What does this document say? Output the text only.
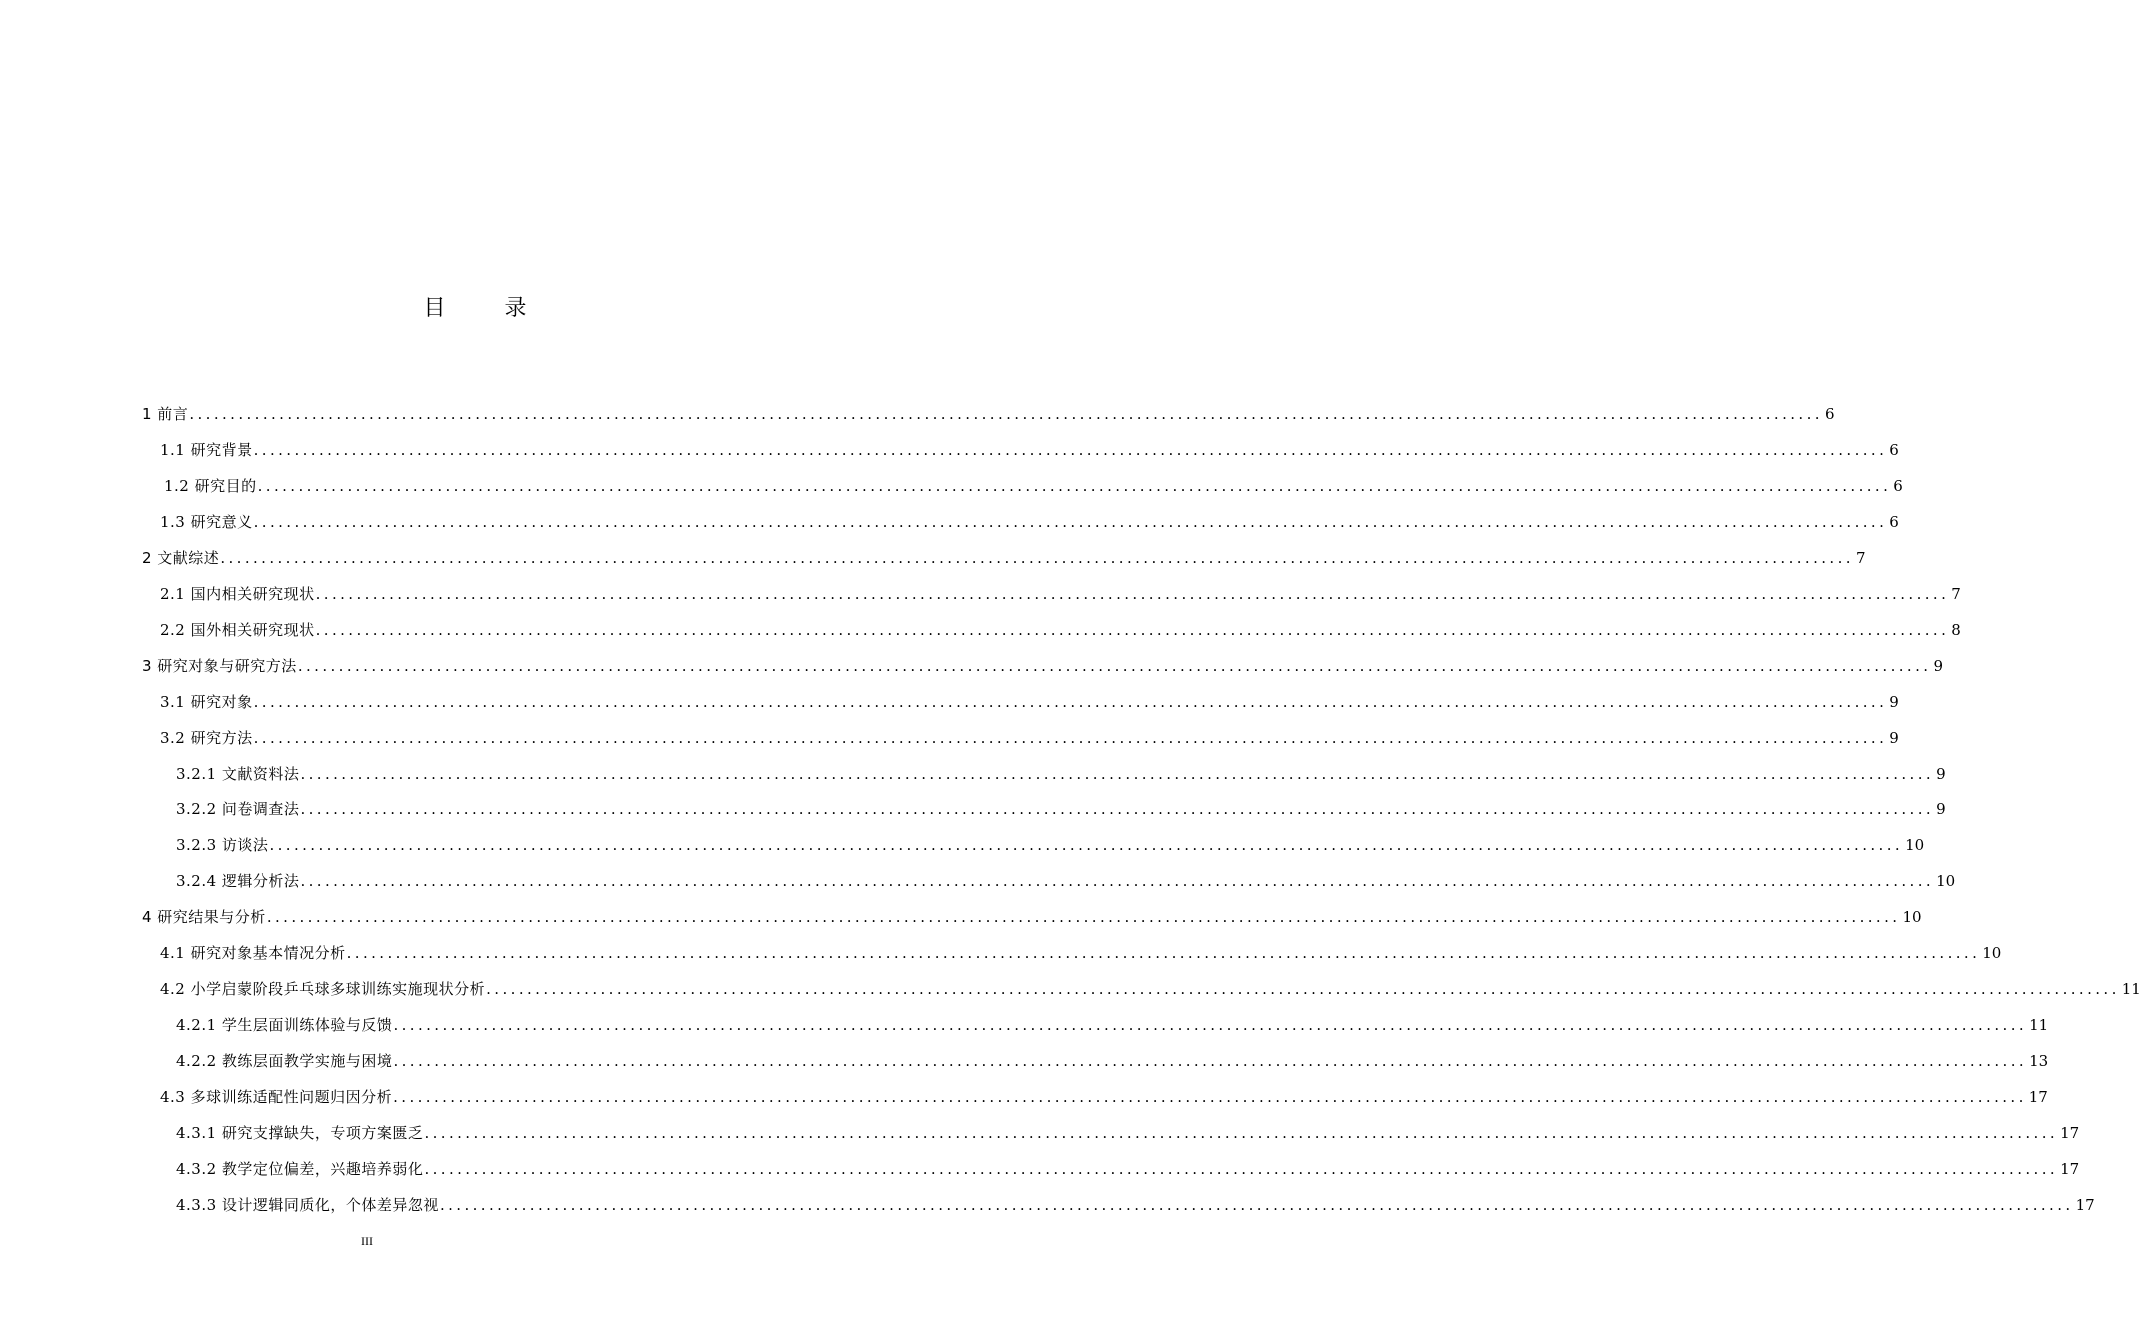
目 录
1 前言 ........................................................................................................................................................................................................ 6
1.1 研究背景 ........................................................................................................................................................................................................ 6
1.2 研究目的 ........................................................................................................................................................................................................ 6
1.3 研究意义 ........................................................................................................................................................................................................ 6
2 文献综述 ........................................................................................................................................................................................................ 7
2.1 国内相关研究现状 ........................................................................................................................................................................................................ 7
2.2 国外相关研究现状 ........................................................................................................................................................................................................ 8
3 研究对象与研究方法 ........................................................................................................................................................................................................ 9
3.1 研究对象 ........................................................................................................................................................................................................ 9
3.2 研究方法 ........................................................................................................................................................................................................ 9
3.2.1 文献资料法 ........................................................................................................................................................................................................ 9
3.2.2 问卷调查法 ........................................................................................................................................................................................................ 9
3.2.3 访谈法 ........................................................................................................................................................................................................ 10
3.2.4 逻辑分析法 ........................................................................................................................................................................................................ 10
4 研究结果与分析 ........................................................................................................................................................................................................ 10
4.1 研究对象基本情况分析 ........................................................................................................................................................................................................ 10
4.2 小学启蒙阶段乒乓球多球训练实施现状分析 ........................................................................................................................................................................................................ 11
4.2.1 学生层面训练体验与反馈 ........................................................................................................................................................................................................ 11
4.2.2 教练层面教学实施与困境 ........................................................................................................................................................................................................ 13
4.3 多球训练适配性问题归因分析 ........................................................................................................................................................................................................ 17
4.3.1 研究支撑缺失，专项方案匮乏 ........................................................................................................................................................................................................ 17
4.3.2 教学定位偏差，兴趣培养弱化 ........................................................................................................................................................................................................ 17
4.3.3 设计逻辑同质化，个体差异忽视 ........................................................................................................................................................................................................ 17
III
